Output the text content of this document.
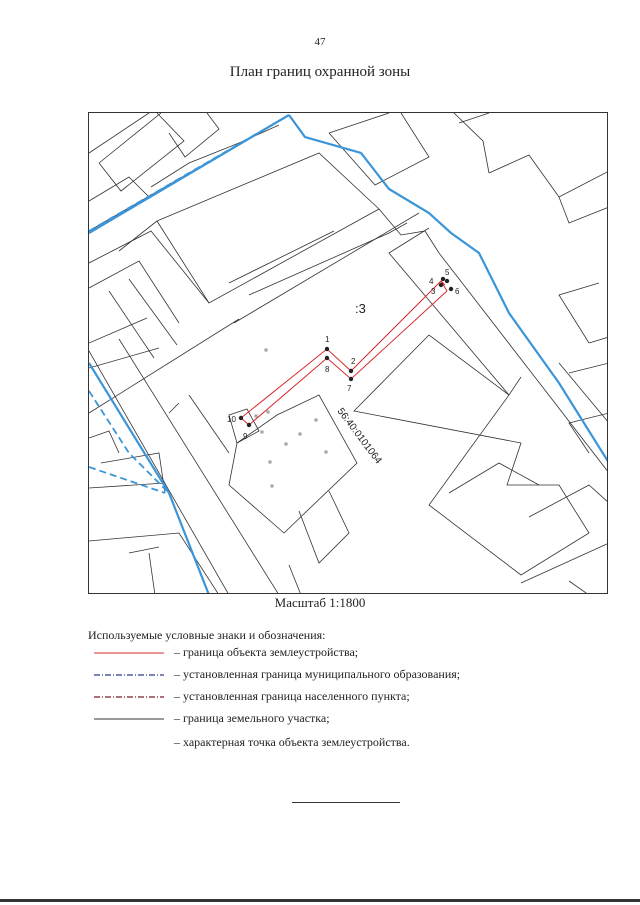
47
План границ охранной зоны
1
2
3
4
5
6
7
8
9
10
:3
56:40:0101064
Масштаб 1:1800
Используемые условные знаки и обозначения:
– граница объекта землеустройства;
– установленная граница муниципального образования;
– установленная граница населенного пункта;
– граница земельного участка;
– характерная точка объекта землеустройства.
